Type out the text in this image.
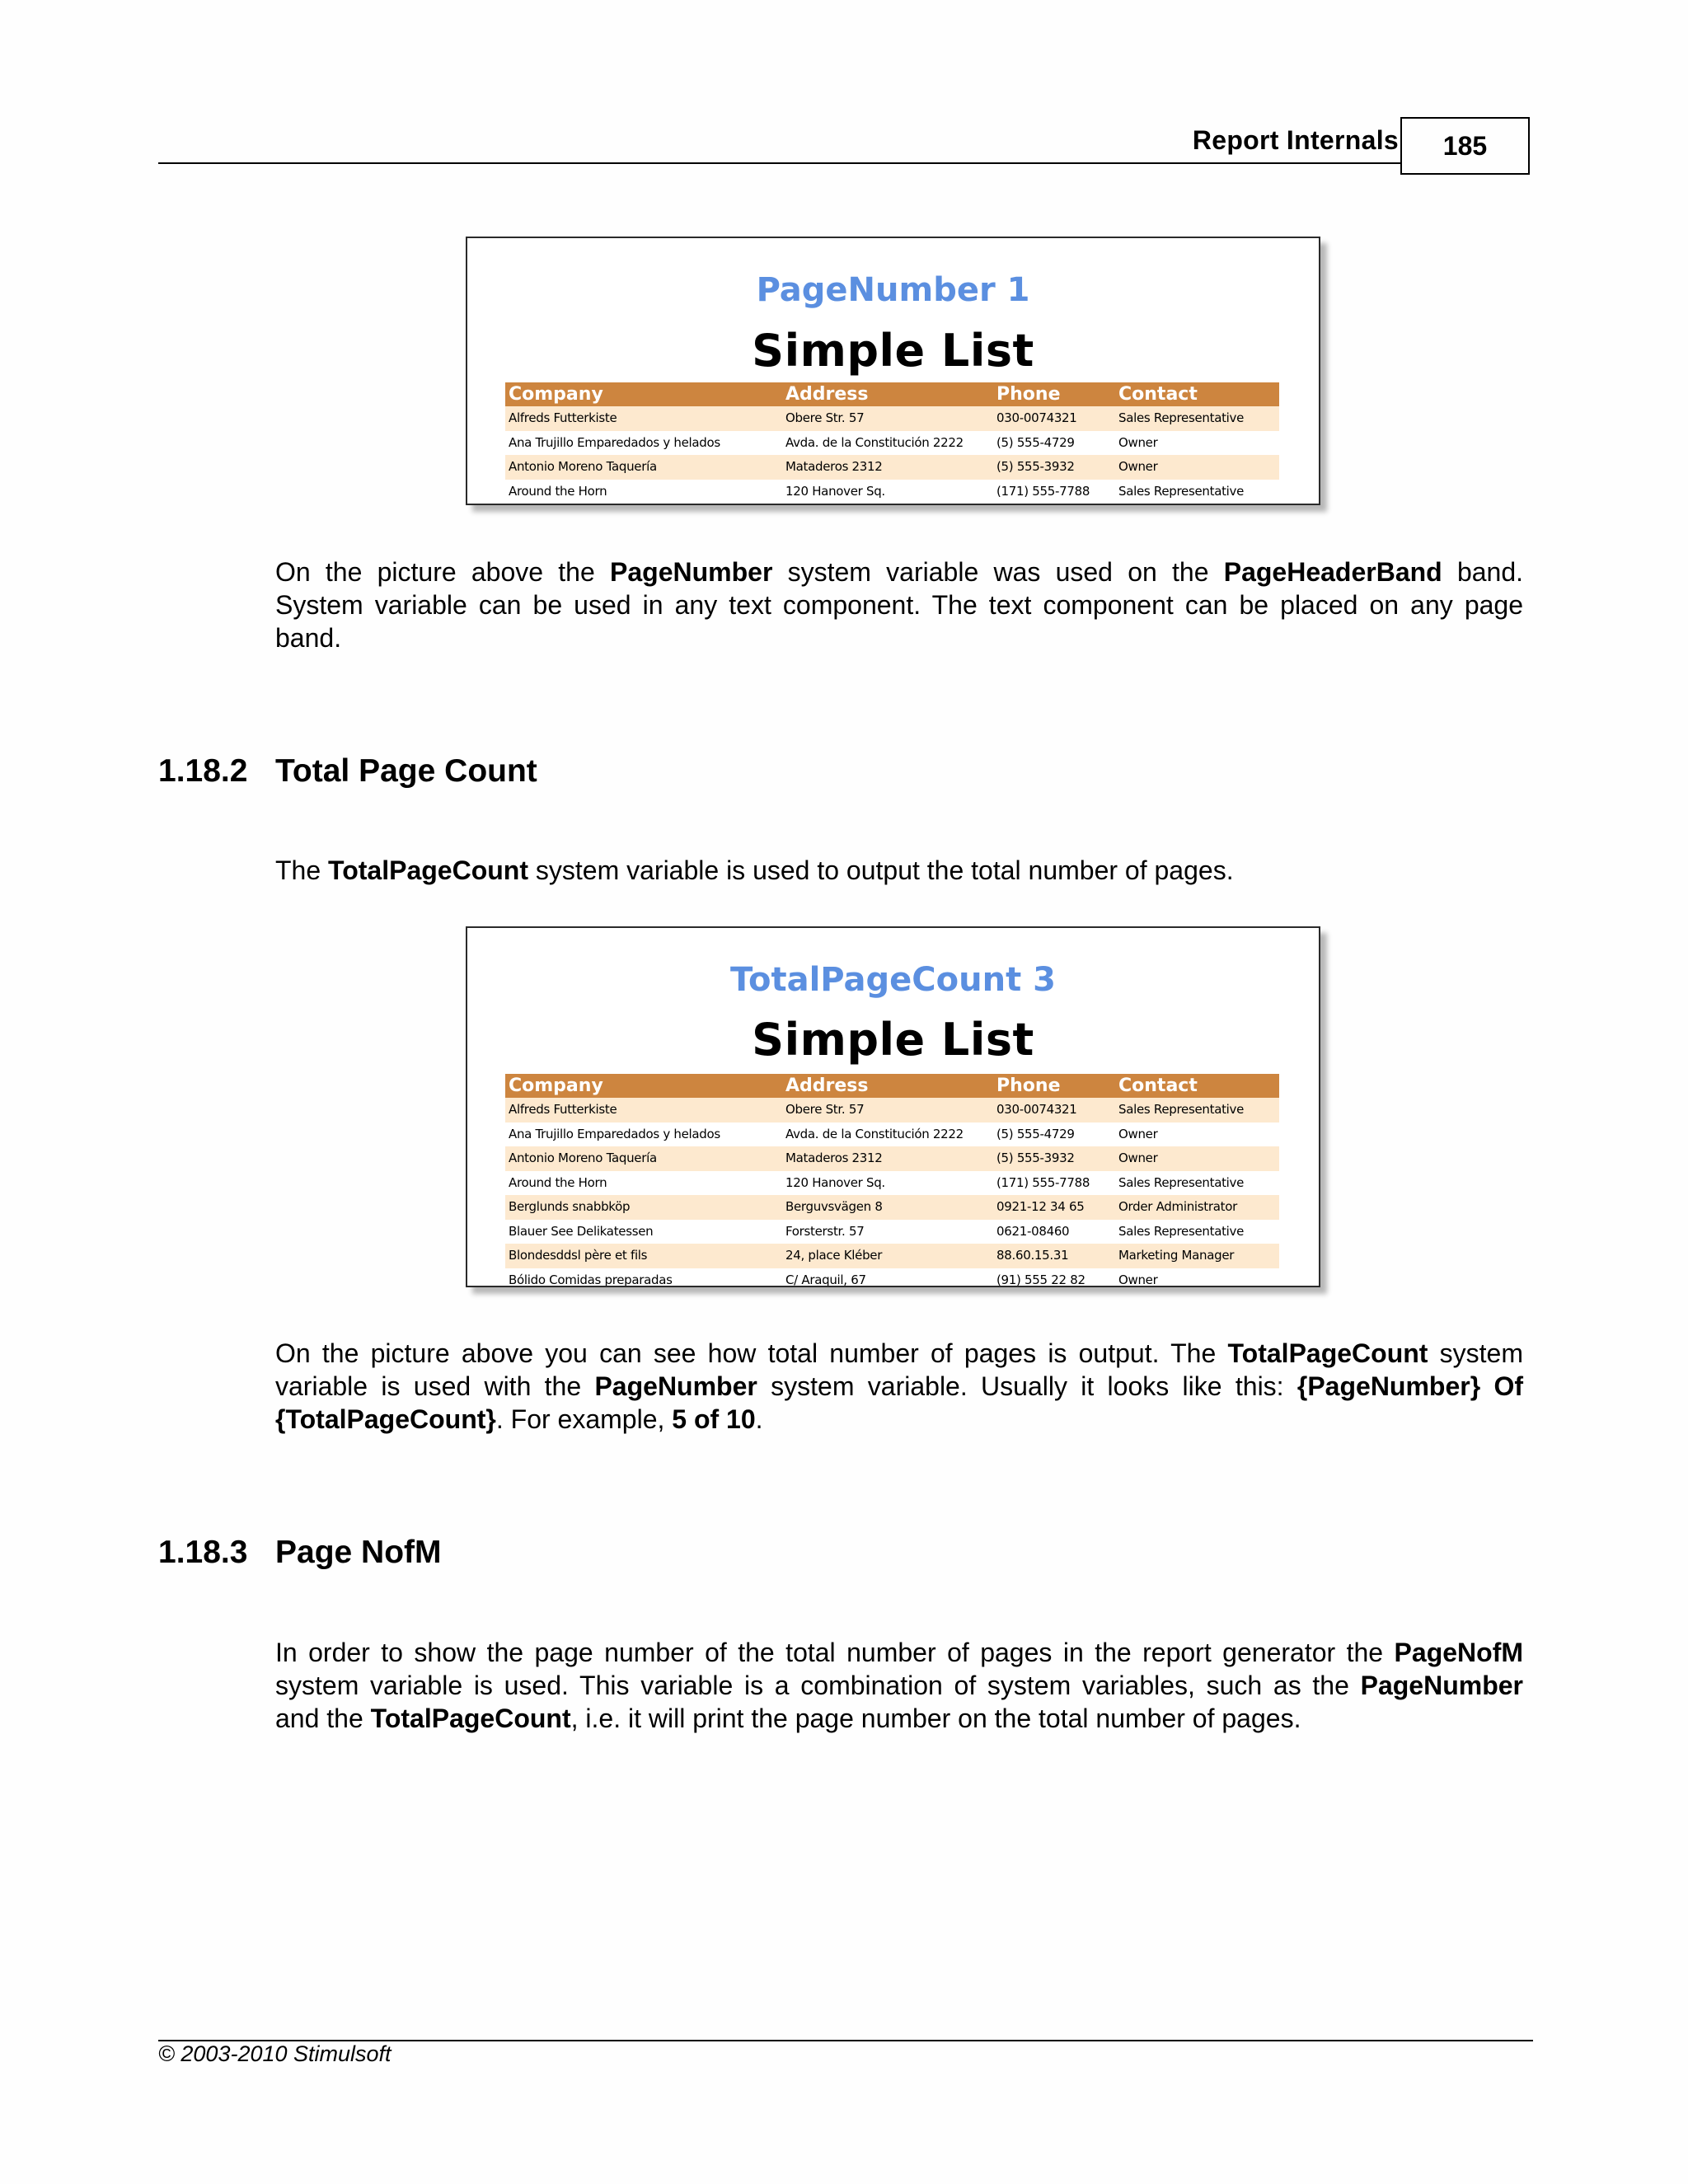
Report Internals 185
PageNumber 1
Simple List
Company	Address	Phone	Contact
Alfreds Futterkiste	Obere Str. 57	030-0074321	Sales Representative
Ana Trujillo Emparedados y helados	Avda. de la Constitución 2222	(5) 555-4729	Owner
Antonio Moreno Taquería	Mataderos 2312	(5) 555-3932	Owner
Around the Horn	120 Hanover Sq.	(171) 555-7788	Sales Representative
On the picture above the PageNumber system variable was used on the PageHeaderBand band.
System variable can be used in any text component. The text component can be placed on any page
band.
1.18.2 Total Page Count
The TotalPageCount system variable is used to output the total number of pages.
TotalPageCount 3
Simple List
Company	Address	Phone	Contact
Alfreds Futterkiste	Obere Str. 57	030-0074321	Sales Representative
Ana Trujillo Emparedados y helados	Avda. de la Constitución 2222	(5) 555-4729	Owner
Antonio Moreno Taquería	Mataderos 2312	(5) 555-3932	Owner
Around the Horn	120 Hanover Sq.	(171) 555-7788	Sales Representative
Berglunds snabbköp	Berguvsvägen 8	0921-12 34 65	Order Administrator
Blauer See Delikatessen	Forsterstr. 57	0621-08460	Sales Representative
Blondesddsl père et fils	24, place Kléber	88.60.15.31	Marketing Manager
Bólido Comidas preparadas	C/ Araquil, 67	(91) 555 22 82	Owner
On the picture above you can see how total number of pages is output. The TotalPageCount system
variable is used with the PageNumber system variable. Usually it looks like this: {PageNumber} Of
{TotalPageCount}. For example, 5 of 10.
1.18.3 Page NofM
In order to show the page number of the total number of pages in the report generator the PageNofM
system variable is used. This variable is a combination of system variables, such as the PageNumber
and the TotalPageCount, i.e. it will print the page number on the total number of pages.
© 2003-2010 Stimulsoft
